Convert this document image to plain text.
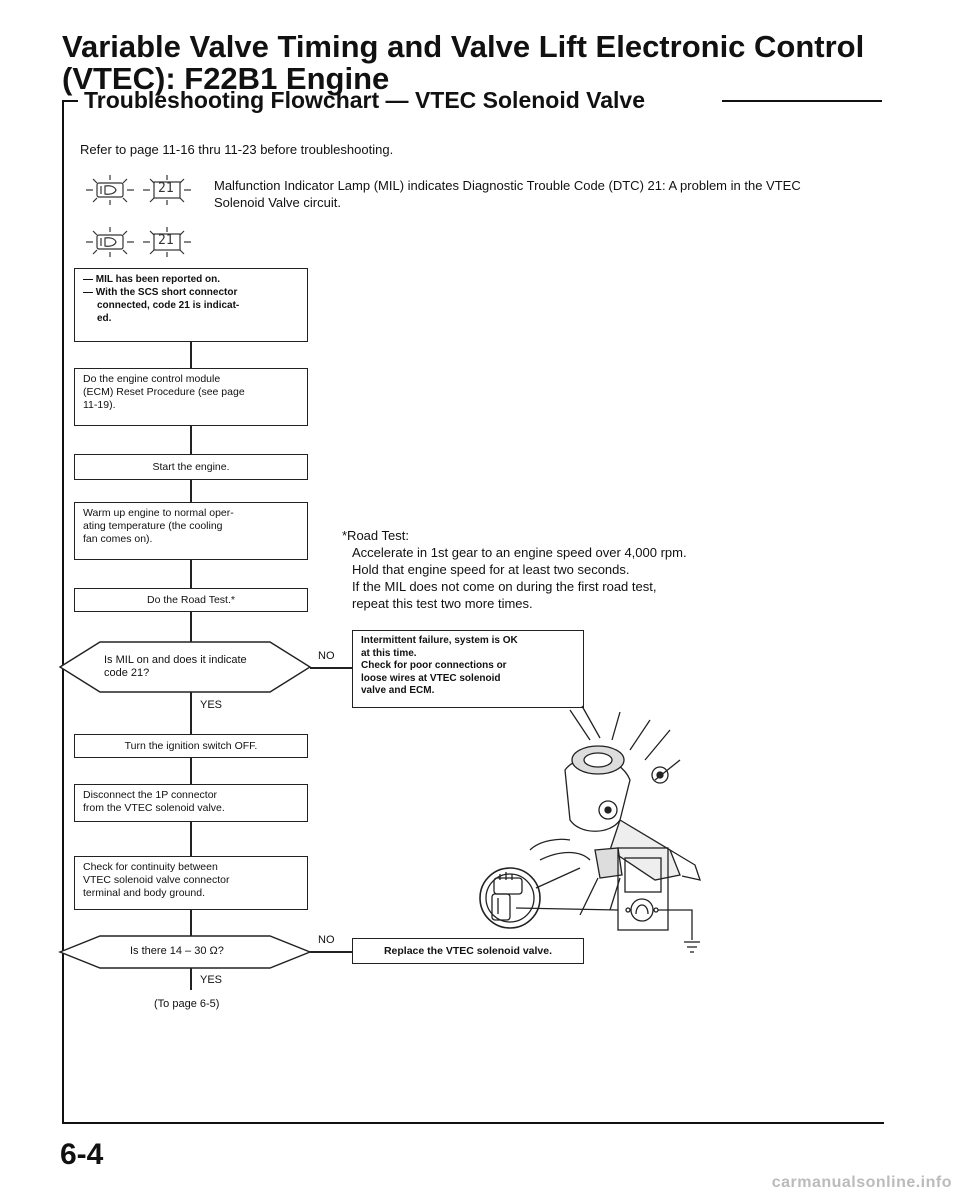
Variable Valve Timing and Valve Lift Electronic Control
(VTEC): F22B1 Engine
Troubleshooting Flowchart — VTEC Solenoid Valve
Refer to page 11-16 thru 11-23 before troubleshooting.
21	Malfunction Indicator Lamp (MIL) indicates Diagnostic Trouble Code (DTC) 21: A problem in the VTEC
Solenoid Valve circuit.
21
— MIL has been reported on.
— With the SCS short connector
connected, code 21 is indicat-
ed.
Do the engine control module
(ECM) Reset Procedure (see page
11-19).
Start the engine.
Warm up engine to normal oper-
ating temperature (the cooling
fan comes on).
Do the Road Test.*
Is MIL on and does it indicate
code 21?
NO
Intermittent failure, system is OK
at this time.
Check for poor connections or
loose wires at VTEC solenoid
valve and ECM.
YES
Turn the ignition switch OFF.
Disconnect the 1P connector
from the VTEC solenoid valve.
Check for continuity between
VTEC solenoid valve connector
terminal and body ground.
Is there 14 – 30 Ω?
NO
Replace the VTEC solenoid valve.
YES
(To page 6-5)
*Road Test:
Accelerate in 1st gear to an engine speed over 4,000 rpm.
Hold that engine speed for at least two seconds.
If the MIL does not come on during the first road test,
repeat this test two more times.
6-4
carmanualsonline.info
